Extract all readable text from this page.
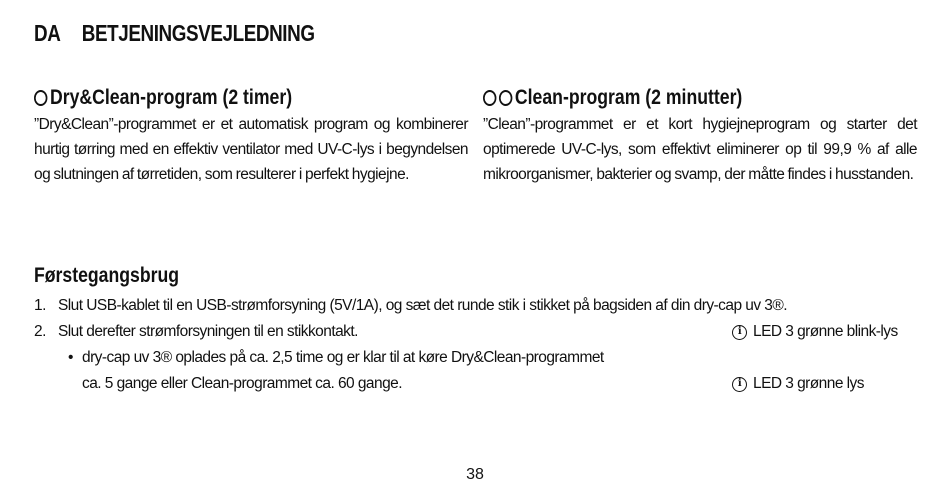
DA BETJENINGSVEJLEDNING
Dry&Clean-program (2 timer)

”Dry&Clean”-programmet er et automatisk program og kombinerer hurtig tørring med en effektiv ventilator med UV-C-lys i begyndelsen og slutningen af tørretiden, som resulterer i perfekt hygiejne.

Clean-program (2 minutter)

”Clean”-programmet er et kort hygiejneprogram og starter det optimerede UV-C-lys, som effektivt eliminerer op til 99,9 % af alle mikroorganismer, bakterier og svamp, der måtte findes i husstanden.

Førstegangsbrug
1. Slut USB-kablet til en USB-strømforsyning (5V/1A), og sæt det runde stik i stikket på bagsiden af din dry-cap uv 3®.
2. Slut derefter strømforsyningen til en stikkontakt.	i LED 3 grønne blink-lys
• dry-cap uv 3® oplades på ca. 2,5 time og er klar til at køre Dry&Clean-programmet
ca. 5 gange eller Clean-programmet ca. 60 gange.	i LED 3 grønne lys
38
